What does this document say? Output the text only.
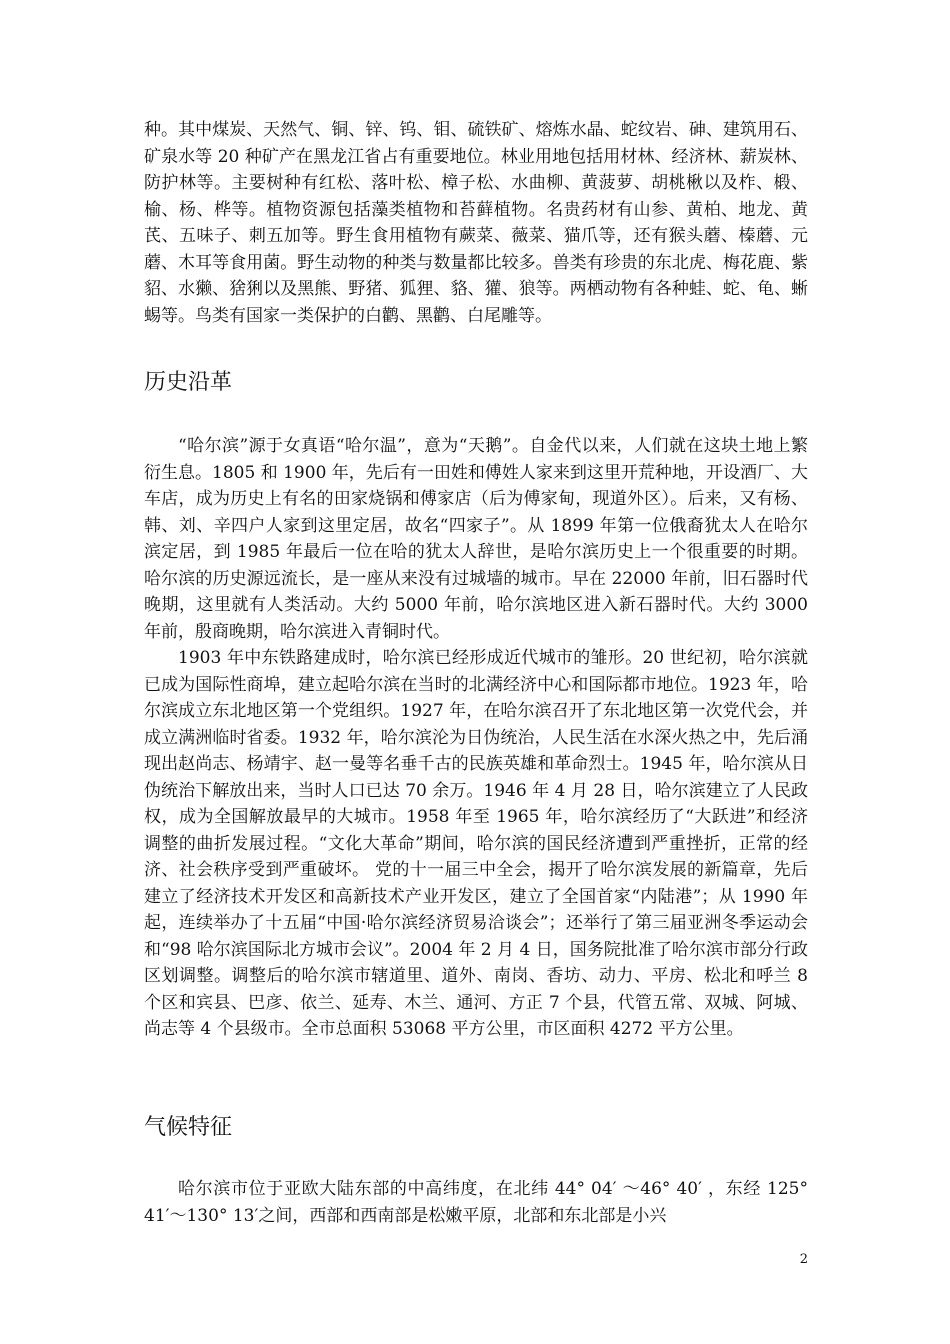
种。其中煤炭、天然气、铜、锌、钨、钼、硫铁矿、熔炼水晶、蛇纹岩、砷、建筑用石、矿泉水等 20 种矿产在黑龙江省占有重要地位。林业用地包括用材林、经济林、薪炭林、防护林等。主要树种有红松、落叶松、樟子松、水曲柳、黄菠萝、胡桃楸以及柞、椴、榆、杨、桦等。植物资源包括藻类植物和苔藓植物。名贵药材有山参、黄柏、地龙、黄芪、五味子、刺五加等。野生食用植物有蕨菜、薇菜、猫爪等，还有猴头蘑、榛蘑、元蘑、木耳等食用菌。野生动物的种类与数量都比较多。兽类有珍贵的东北虎、梅花鹿、紫貂、水獭、猞猁以及黑熊、野猪、狐狸、貉、獾、狼等。两栖动物有各种蛙、蛇、龟、蜥蜴等。鸟类有国家一类保护的白鹳、黑鹳、白尾雕等。

历史沿革

“哈尔滨”源于女真语“哈尔温”，意为“天鹅”。自金代以来，人们就在这块土地上繁衍生息。1805 和 1900 年，先后有一田姓和傅姓人家来到这里开荒种地，开设酒厂、大车店，成为历史上有名的田家烧锅和傅家店（后为傅家甸，现道外区）。后来，又有杨、韩、刘、辛四户人家到这里定居，故名“四家子”。从 1899 年第一位俄裔犹太人在哈尔滨定居，到 1985 年最后一位在哈的犹太人辞世，是哈尔滨历史上一个很重要的时期。哈尔滨的历史源远流长，是一座从来没有过城墙的城市。早在 22000 年前，旧石器时代晚期，这里就有人类活动。大约 5000 年前，哈尔滨地区进入新石器时代。大约 3000 年前，殷商晚期，哈尔滨进入青铜时代。

1903 年中东铁路建成时，哈尔滨已经形成近代城市的雏形。20 世纪初，哈尔滨就已成为国际性商埠，建立起哈尔滨在当时的北满经济中心和国际都市地位。1923 年，哈尔滨成立东北地区第一个党组织。1927 年，在哈尔滨召开了东北地区第一次党代会，并成立满洲临时省委。1932 年，哈尔滨沦为日伪统治，人民生活在水深火热之中，先后涌现出赵尚志、杨靖宇、赵一曼等名垂千古的民族英雄和革命烈士。1945 年，哈尔滨从日伪统治下解放出来，当时人口已达 70 余万。1946 年 4 月 28 日，哈尔滨建立了人民政权，成为全国解放最早的大城市。1958 年至 1965 年，哈尔滨经历了“大跃进”和经济调整的曲折发展过程。“文化大革命”期间，哈尔滨的国民经济遭到严重挫折，正常的经济、社会秩序受到严重破坏。 党的十一届三中全会，揭开了哈尔滨发展的新篇章，先后建立了经济技术开发区和高新技术产业开发区，建立了全国首家“内陆港”；从 1990 年起，连续举办了十五届“中国·哈尔滨经济贸易洽谈会”；还举行了第三届亚洲冬季运动会和“98 哈尔滨国际北方城市会议”。2004 年 2 月 4 日，国务院批准了哈尔滨市部分行政区划调整。调整后的哈尔滨市辖道里、道外、南岗、香坊、动力、平房、松北和呼兰 8 个区和宾县、巴彦、依兰、延寿、木兰、通河、方正 7 个县，代管五常、双城、阿城、尚志等 4 个县级市。全市总面积 53068 平方公里，市区面积 4272 平方公里。

气候特征

哈尔滨市位于亚欧大陆东部的中高纬度，在北纬 44° 04′ ～46° 40′ ，东经 125° 41′～130° 13′之间，西部和西南部是松嫩平原，北部和东北部是小兴

2
